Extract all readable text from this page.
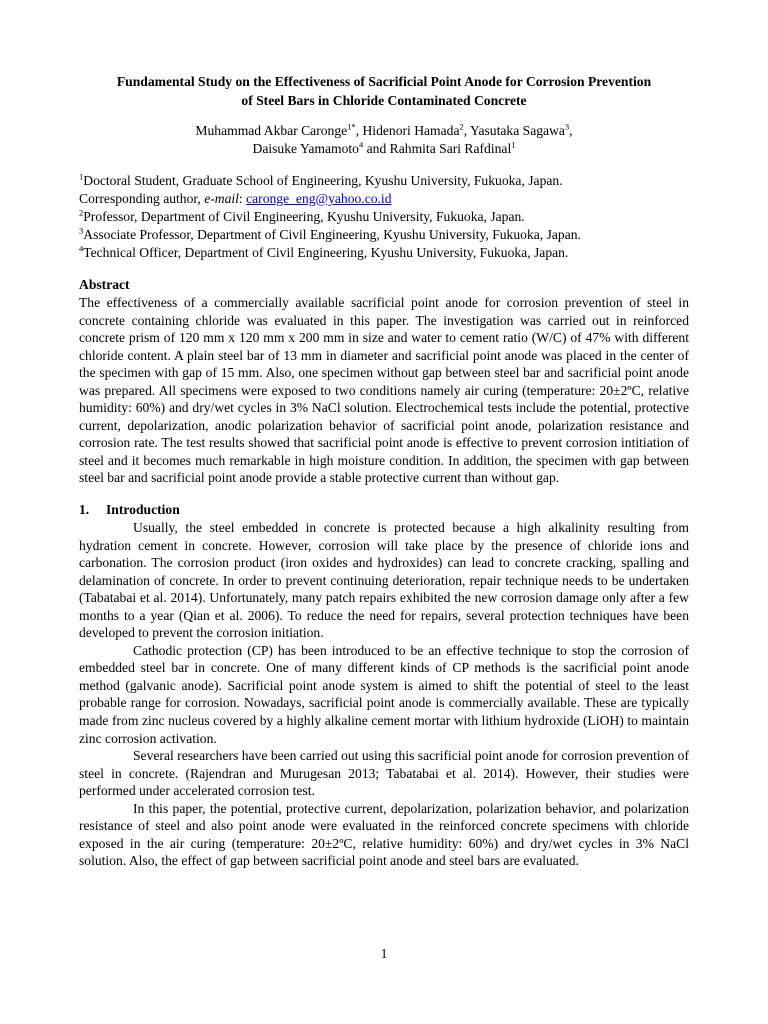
Fundamental Study on the Effectiveness of Sacrificial Point Anode for Corrosion Prevention
of Steel Bars in Chloride Contaminated Concrete

Muhammad Akbar Caronge$^{1*}$, Hidenori Hamada$^2$, Yasutaka Sagawa$^3$,
Daisuke Yamamoto$^4$ and Rahmita Sari Rafdinal$^1$
$^1$Doctoral Student, Graduate School of Engineering, Kyushu University, Fukuoka, Japan.
Corresponding author, e-mail: caronge_eng@yahoo.co.id
$^2$Professor, Department of Civil Engineering, Kyushu University, Fukuoka, Japan.
$^3$Associate Professor, Department of Civil Engineering, Kyushu University, Fukuoka, Japan.
$^4$Technical Officer, Department of Civil Engineering, Kyushu University, Fukuoka, Japan.
Abstract

The effectiveness of a commercially available sacrificial point anode for corrosion prevention of steel in concrete containing chloride was evaluated in this paper. The investigation was carried out in reinforced concrete prism of 120 mm x 120 mm x 200 mm in size and water to cement ratio (W/C) of 47% with different chloride content. A plain steel bar of 13 mm in diameter and sacrificial point anode was placed in the center of the specimen with gap of 15 mm. Also, one specimen without gap between steel bar and sacrificial point anode was prepared. All specimens were exposed to two conditions namely air curing (temperature: 20±2ºC, relative humidity: 60%) and dry/wet cycles in 3% NaCl solution. Electrochemical tests include the potential, protective current, depolarization, anodic polarization behavior of sacrificial point anode, polarization resistance and corrosion rate. The test results showed that sacrificial point anode is effective to prevent corrosion intitiation of steel and it becomes much remarkable in high moisture condition. In addition, the specimen with gap between steel bar and sacrificial point anode provide a stable protective current than without gap.

1. Introduction

Usually, the steel embedded in concrete is protected because a high alkalinity resulting from hydration cement in concrete. However, corrosion will take place by the presence of chloride ions and carbonation. The corrosion product (iron oxides and hydroxides) can lead to concrete cracking, spalling and delamination of concrete. In order to prevent continuing deterioration, repair technique needs to be undertaken (Tabatabai et al. 2014). Unfortunately, many patch repairs exhibited the new corrosion damage only after a few months to a year (Qian et al. 2006). To reduce the need for repairs, several protection techniques have been developed to prevent the corrosion initiation.

Cathodic protection (CP) has been introduced to be an effective technique to stop the corrosion of embedded steel bar in concrete. One of many different kinds of CP methods is the sacrificial point anode method (galvanic anode). Sacrificial point anode system is aimed to shift the potential of steel to the least probable range for corrosion. Nowadays, sacrificial point anode is commercially available. These are typically made from zinc nucleus covered by a highly alkaline cement mortar with lithium hydroxide (LiOH) to maintain zinc corrosion activation.

Several researchers have been carried out using this sacrificial point anode for corrosion prevention of steel in concrete. (Rajendran and Murugesan 2013; Tabatabai et al. 2014). However, their studies were performed under accelerated corrosion test.

In this paper, the potential, protective current, depolarization, polarization behavior, and polarization resistance of steel and also point anode were evaluated in the reinforced concrete specimens with chloride exposed in the air curing (temperature: 20±2ºC, relative humidity: 60%) and dry/wet cycles in 3% NaCl solution. Also, the effect of gap between sacrificial point anode and steel bars are evaluated.

1
